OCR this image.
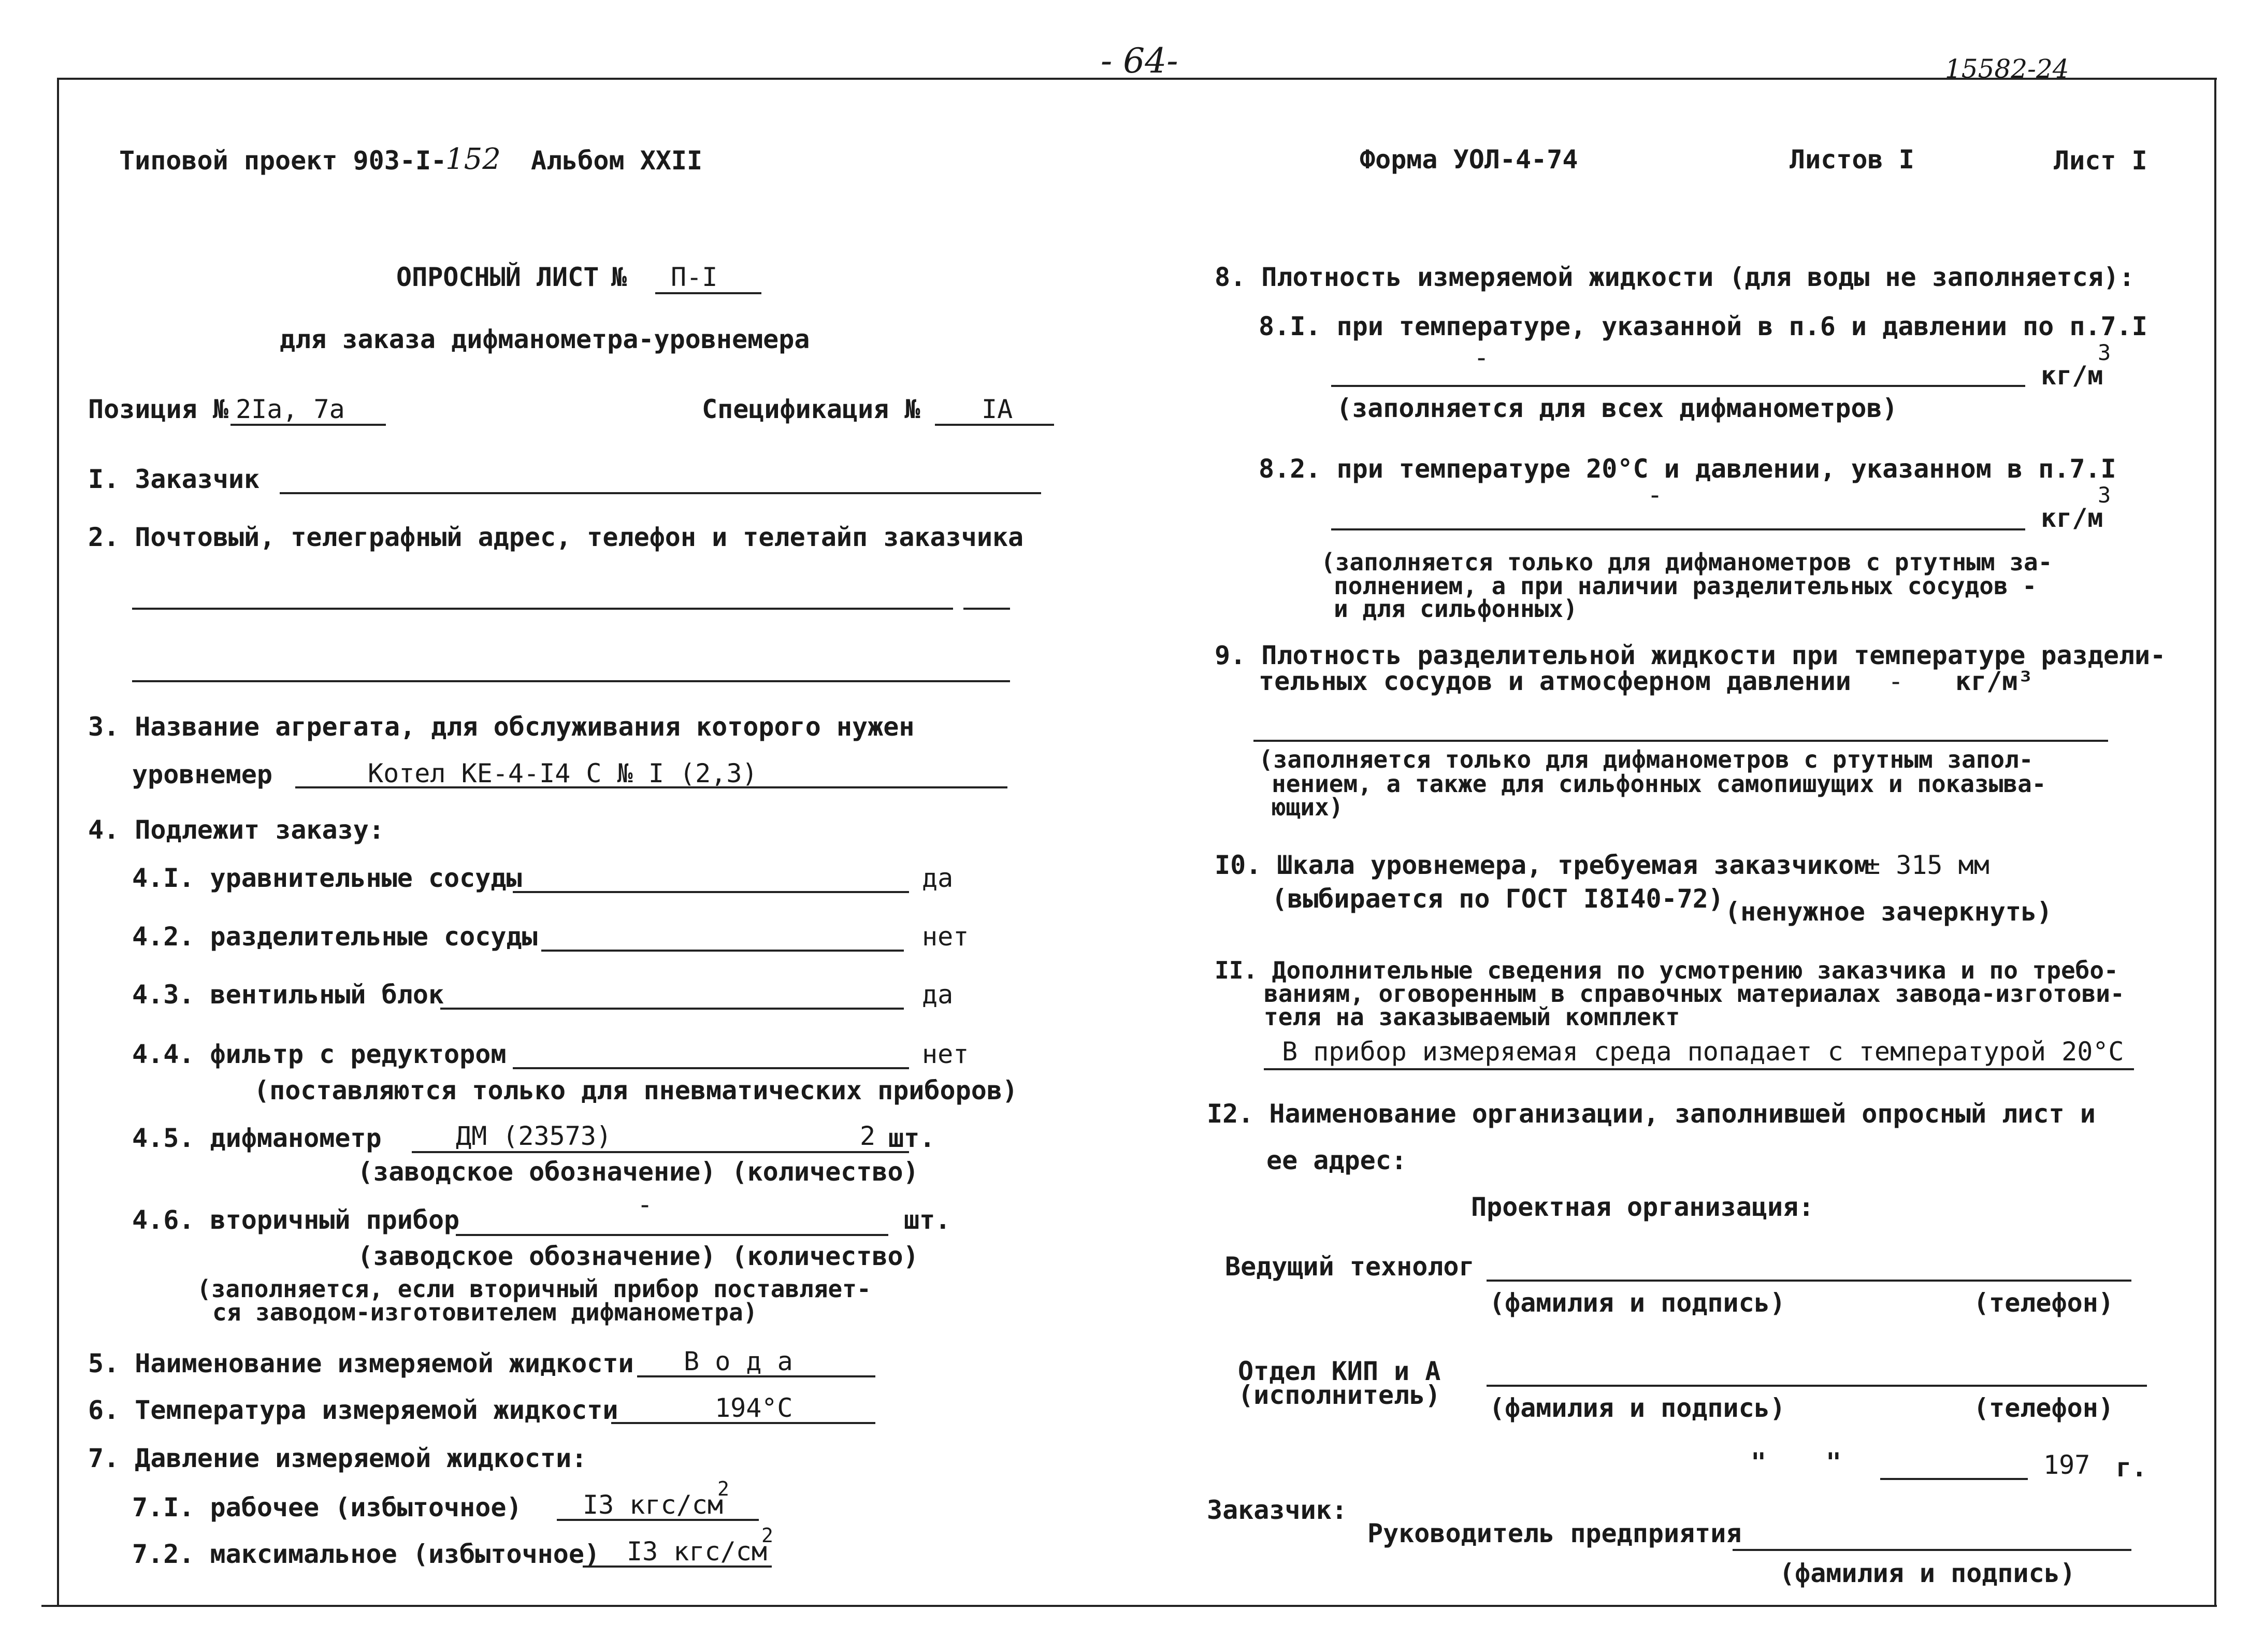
- 64-	15582-24
Типовой проект 903-I-
152 Альбом XXII	Форма УОЛ-4-74	Листов I	Лист I
ОПРОСНЫЙ ЛИСТ № П-I
для заказа дифманометра-уровнемера
Позиция № 2Iа, 7а	Спецификация № IА
I. Заказчик
2. Почтовый, телеграфный адрес, телефон и телетайп заказчика
3. Название агрегата, для обслуживания которого нужен
уровнемер	Котел КЕ-4-I4 С № I (2,3)
4. Подлежит заказу:
4.I. уравнительные сосуды	да
4.2. разделительные сосуды	нет
4.3. вентильный блок	да
4.4. фильтр с редуктором	нет
(поставляются только для пневматических приборов)
4.5. дифманометр	ДМ (23573)	2 шт.
(заводское обозначение) (количество)
4.6. вторичный прибор
-
шт.
(заводское обозначение) (количество)
(заполняется, если вторичный прибор поставляет-
ся заводом-изготовителем дифманометра)
5. Наименование измеряемой жидкости В о д а
6. Температура измеряемой жидкости	194°С
7. Давление измеряемой жидкости:
7.I. рабочее (избыточное) I3 кгс/см
2
7.2. максимальное (избыточное) I3 кгс/см
2
8. Плотность измеряемой жидкости (для воды не заполняется):
8.I. при температуре, указанной в п.6 и давлении по п.7.I
-
кг/м
3
(заполняется для всех дифманометров)
8.2. при температуре 20°С и давлении, указанном в п.7.I
-
кг/м
3
(заполняется только для дифманометров с ртутным за-
полнением, а при наличии разделительных сосудов -
и для сильфонных)
9. Плотность разделительной жидкости при температуре раздели-
тельных сосудов и атмосферном давлении - кг/м³
(заполняется только для дифманометров с ртутным запол-
нением, а также для сильфонных самопишущих и показыва-
ющих)
I0. Шкала уровнемера, требуемая заказчиком
± 315 мм
(выбирается по ГОСТ I8I40-72) (ненужное зачеркнуть)
II. Дополнительные сведения по усмотрению заказчика и по требо-
ваниям, оговоренным в справочных материалах завода-изготови-
теля на заказываемый комплект
В прибор измеряемая среда попадает с температурой 20°С
I2. Наименование организации, заполнившей опросный лист и
ее адрес:
Проектная организация:
Ведущий технолог
(фамилия и подпись)	(телефон)
Отдел КИП и А
(исполнитель) (фамилия и подпись)	(телефон)
" "	197 г.
Заказчик:
Руководитель предприятия
(фамилия и подпись)
